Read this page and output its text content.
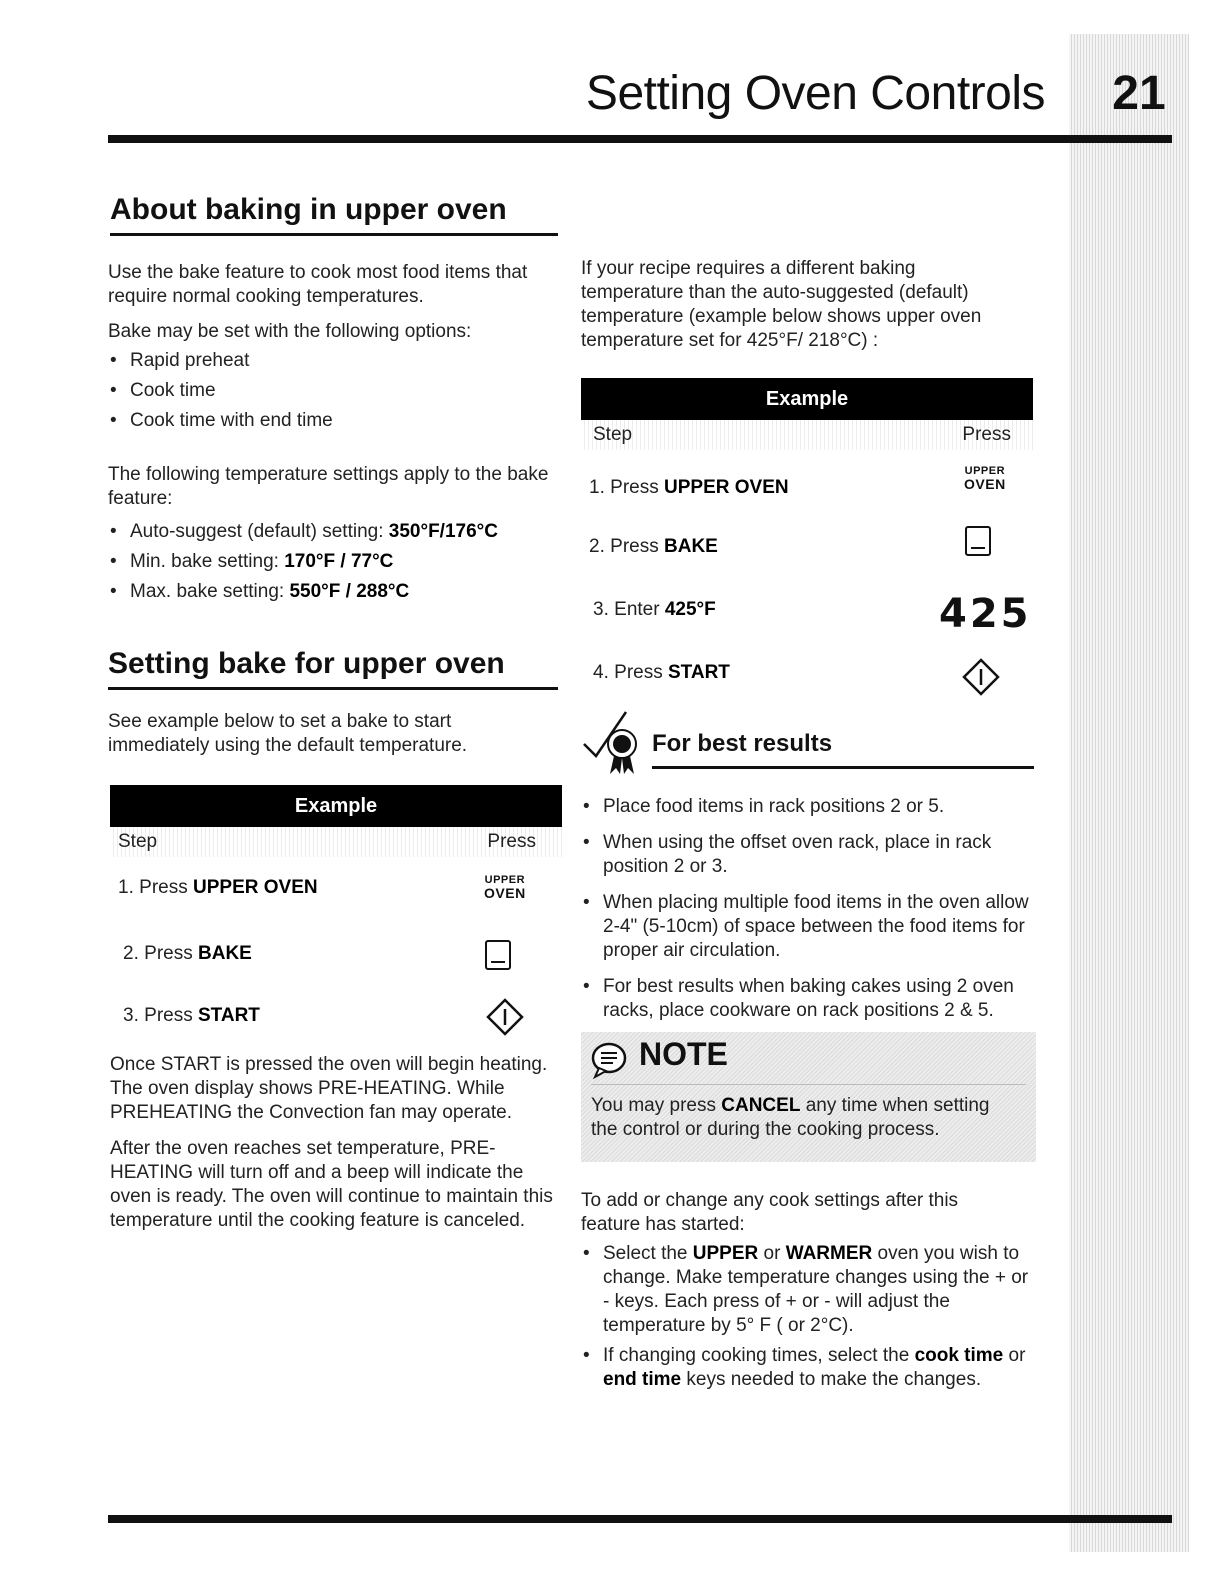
Setting Oven Controls	21
About baking in upper oven

Use the bake feature to cook most food items that require normal cooking temperatures.

Bake may be set with the following options:

• Rapid preheat
• Cook time
• Cook time with end time

The following temperature settings apply to the bake feature:

• Auto-suggest (default) setting: 350°F/176°C
• Min. bake setting: 170°F / 77°C
• Max. bake setting: 550°F / 288°C
Setting bake for upper oven

See example below to set a bake to start immediately using the default temperature.

Example
Step	Press
1. Press UPPER OVEN	UPPER
OVEN
2. Press BAKE
3. Press START

Once START is pressed the oven will begin heating. The oven display shows PRE-HEATING. While PREHEATING the Convection fan may operate.

After the oven reaches set temperature, PRE-HEATING will turn off and a beep will indicate the oven is ready. The oven will continue to maintain this temperature until the cooking feature is canceled.

If your recipe requires a different baking temperature than the auto-suggested (default) temperature (example below shows upper oven temperature set for 425°F/ 218°C) :

Example
Step	Press
1. Press UPPER OVEN
UPPER
OVEN
2. Press BAKE
3. Enter 425°F	425
4. Press START
For best results
• Place food items in rack positions 2 or 5.
• When using the offset oven rack, place in rack position 2 or 3.
• When placing multiple food items in the oven allow 2-4" (5-10cm) of space between the food items for proper air circulation.
• For best results when baking cakes using 2 oven racks, place cookware on rack positions 2 & 5.
NOTE

You may press CANCEL any time when setting the control or during the cooking process.

To add or change any cook settings after this feature has started:

• Select the UPPER or WARMER oven you wish to change. Make temperature changes using the + or - keys. Each press of + or - will adjust the temperature by 5° F ( or 2°C).
• If changing cooking times, select the cook time or end time keys needed to make the changes.
